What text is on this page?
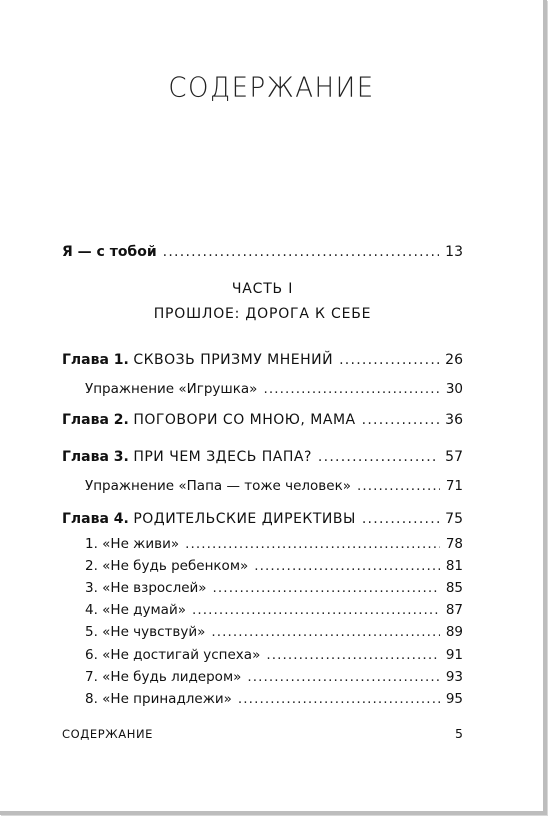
СОДЕРЖАНИЕ
Я — с тобой . . .	13
ЧАСТЬ I
ПРОШЛОЕ: ДОРОГА К СЕБЕ
Глава 1. СКВОЗЬ ПРИЗМУ МНЕНИЙ . . .	26
Упражнение «Игрушка» . . .	30
Глава 2. ПОГОВОРИ СО МНОЮ, МАМА . . .	36
Глава 3. ПРИ ЧЕМ ЗДЕСЬ ПАПА? . . .	57
Упражнение «Папа — тоже человек» . . .	71
Глава 4. РОДИТЕЛЬСКИЕ ДИРЕКТИВЫ . . .	75
1. «Не живи» . . .	78
2. «Не будь ребенком» . . .	81
3. «Не взрослей» . . .	85
4. «Не думай» . . .	87
5. «Не чувствуй» . . .	89
6. «Не достигай успеха» . . .	91
7. «Не будь лидером» . . .	93
8. «Не принадлежи» . . .	95
СОДЕРЖАНИЕ	5
